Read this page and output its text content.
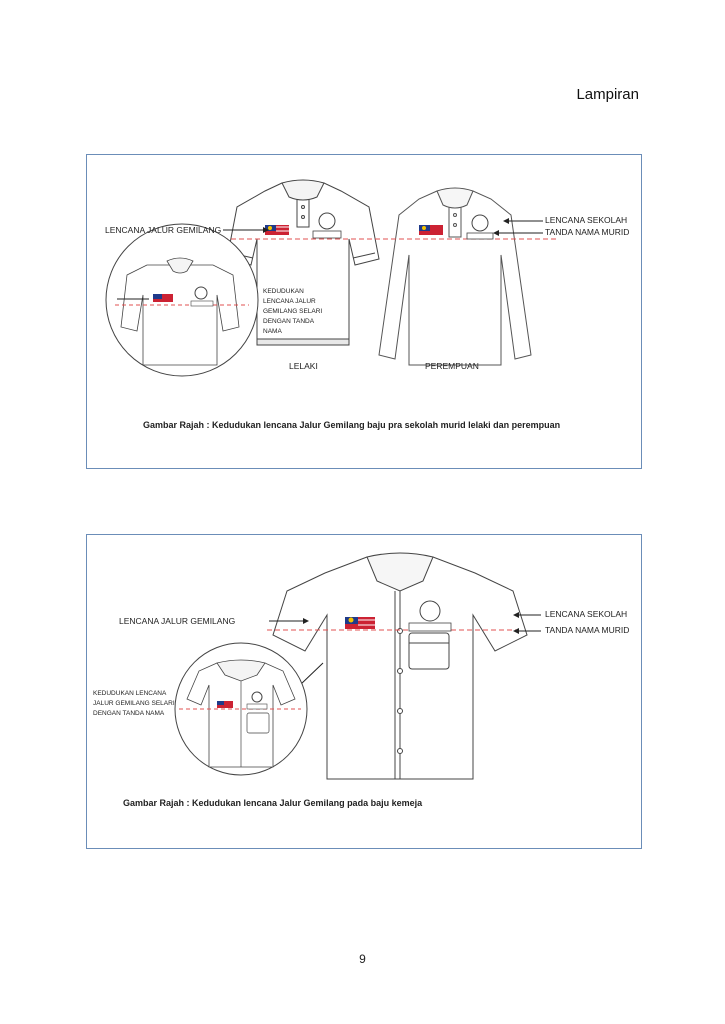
Lampiran
LENCANA JALUR GEMILANG
LENCANA SEKOLAH
TANDA NAMA MURID
KEDUDUKAN
LENCANA JALUR
GEMILANG SELARI
DENGAN TANDA
NAMA
LELAKI	PEREMPUAN
Gambar Rajah : Kedudukan lencana Jalur Gemilang baju pra sekolah murid lelaki dan perempuan
LENCANA JALUR GEMILANG
LENCANA SEKOLAH
TANDA NAMA MURID
KEDUDUKAN LENCANA
JALUR GEMILANG SELARI
DENGAN TANDA NAMA
Gambar Rajah : Kedudukan lencana Jalur Gemilang pada baju kemeja
9
